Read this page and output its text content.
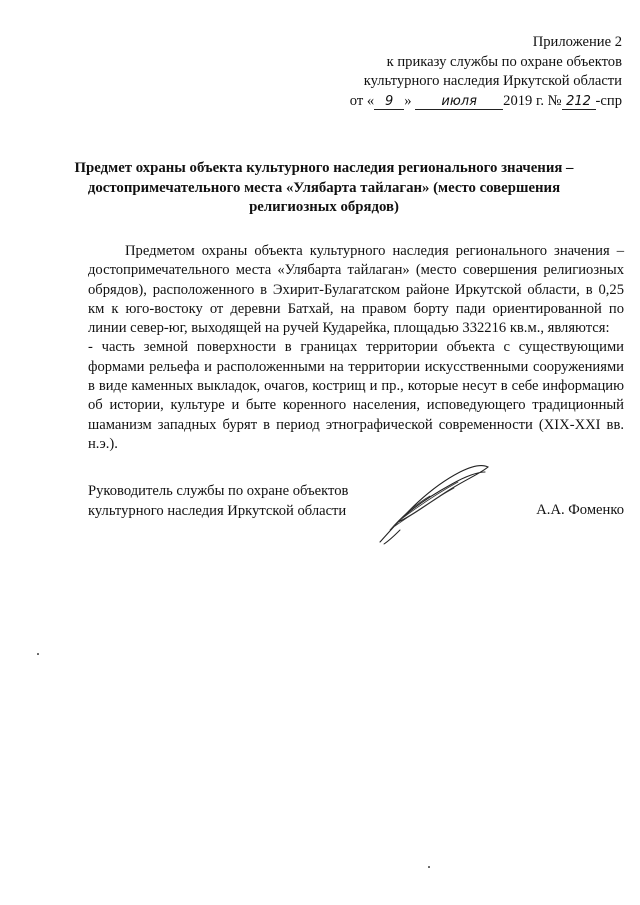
Приложение 2
к приказу службы по охране объектов
культурного наследия Иркутской области
от « 9 » июля 2019 г. № 212 -спр
Предмет охраны объекта культурного наследия регионального значения – достопримечательного места «Улябарта тайлаган» (место совершения религиозных обрядов)

Предметом охраны объекта культурного наследия регионального значения – достопримечательного места «Улябарта тайлаган» (место совершения религиозных обрядов), расположенного в Эхирит-Булагатском районе Иркутской области, в 0,25 км к юго-востоку от деревни Батхай, на правом борту пади ориентированной по линии север-юг, выходящей на ручей Кударейка, площадью 332216 кв.м., являются:

- часть земной поверхности в границах территории объекта с существующими формами рельефа и расположенными на территории искусственными сооружениями в виде каменных выкладок, очагов, кострищ и пр., которые несут в себе информацию об истории, культуре и быте коренного населения, исповедующего традиционный шаманизм западных бурят в период этнографической современности (XIX-XXI вв. н.э.).

Руководитель службы по охране объектов
культурного наследия Иркутской области	А.А. Фоменко
